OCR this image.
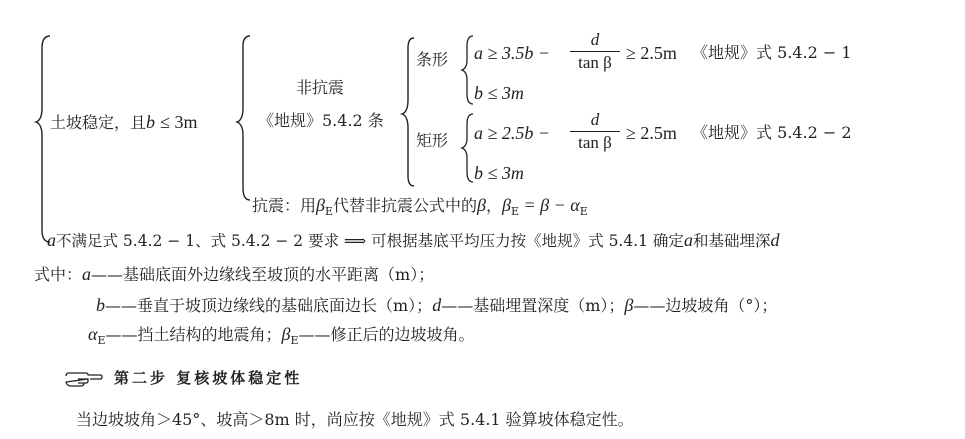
土坡稳定，且b ≤ 3m
非抗震
《地规》5.4.2 条
条形 a ≥ 3.5b −
d
tan β ≥ 2.5m 《地规》式 5.4.2 − 1
b ≤ 3m
矩形 a ≥ 2.5b −
d
tan β ≥ 2.5m 《地规》式 5.4.2 − 2
b ≤ 3m
抗震：用$\beta_E$代替非抗震公式中的β，$\beta_E = \beta - \alpha_E$
a不满足式 5.4.2 − 1、式 5.4.2 − 2 要求 ⟹ 可根据基底平均压力按《地规》式 5.4.1 确定a和基础埋深d
式中：a——基础底面外边缘线至坡顶的水平距离（m）；
b——垂直于坡顶边缘线的基础底面边长（m）；d——基础埋置深度（m）；β——边坡坡角（°）；
$\alpha_E——$挡土结构的地震角；$\beta_E——$修正后的边坡坡角。
第二步 复核坡体稳定性
当边坡坡角＞45°、坡高＞8m 时，尚应按《地规》式 5.4.1 验算坡体稳定性。
